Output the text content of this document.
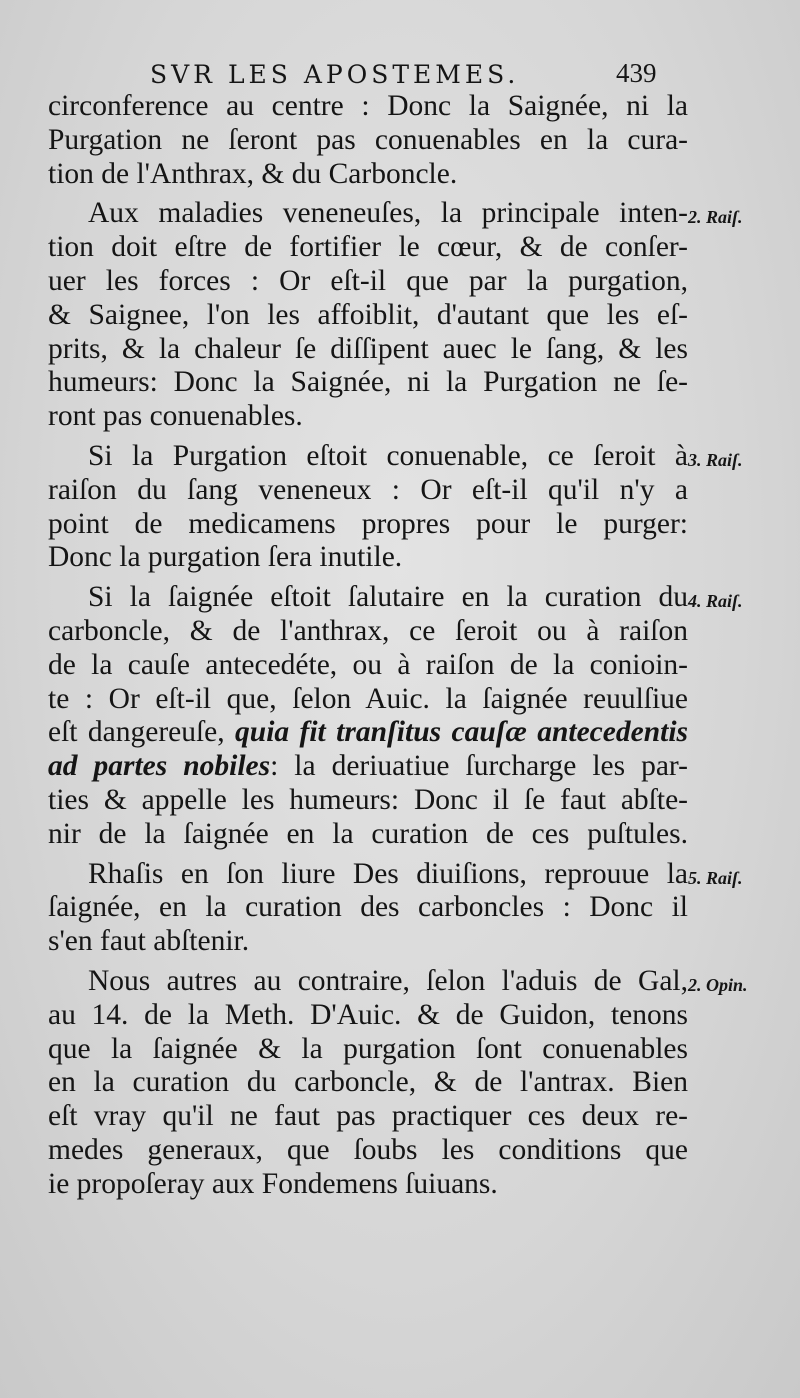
SVR LES APOSTEMES.	439
circonference au centre : Donc la Saignée, ni la
Purgation ne ſeront pas conuenables en la cura-
tion de l'Anthrax, & du Carboncle.
Aux maladies veneneuſes, la principale inten-
tion doit eſtre de fortifier le cœur, & de conſer-
uer les forces : Or eſt-il que par la purgation,
& Saignee, l'on les affoiblit, d'autant que les eſ-
prits, & la chaleur ſe diſſipent auec le ſang, & les
humeurs: Donc la Saignée, ni la Purgation ne ſe-
ront pas conuenables.
Si la Purgation eſtoit conuenable, ce ſeroit à
raiſon du ſang veneneux : Or eſt-il qu'il n'y a
point de medicamens propres pour le purger:
Donc la purgation ſera inutile.
Si la ſaignée eſtoit ſalutaire en la curation du
carboncle, & de l'anthrax, ce ſeroit ou à raiſon
de la cauſe antecedéte, ou à raiſon de la conioin-
te : Or eſt-il que, ſelon Auic. la ſaignée reuulſiue
eſt dangereuſe, quia fit tranſitus cauſæ antecedentis
ad partes nobiles: la deriuatiue ſurcharge les par-
ties & appelle les humeurs: Donc il ſe faut abſte-
nir de la ſaignée en la curation de ces puſtules.
Rhaſis en ſon liure Des diuiſions, reprouue la
ſaignée, en la curation des carboncles : Donc il
s'en faut abſtenir.
Nous autres au contraire, ſelon l'aduis de Gal,
au 14. de la Meth. D'Auic. & de Guidon, tenons
que la ſaignée & la purgation ſont conuenables
en la curation du carboncle, & de l'antrax. Bien
eſt vray qu'il ne faut pas practiquer ces deux re-
medes generaux, que ſoubs les conditions que
ie propoſeray aux Fondemens ſuiuans.
2. Raiſ.
3. Raiſ.
4. Raiſ.
5. Raiſ.
2. Opin.
